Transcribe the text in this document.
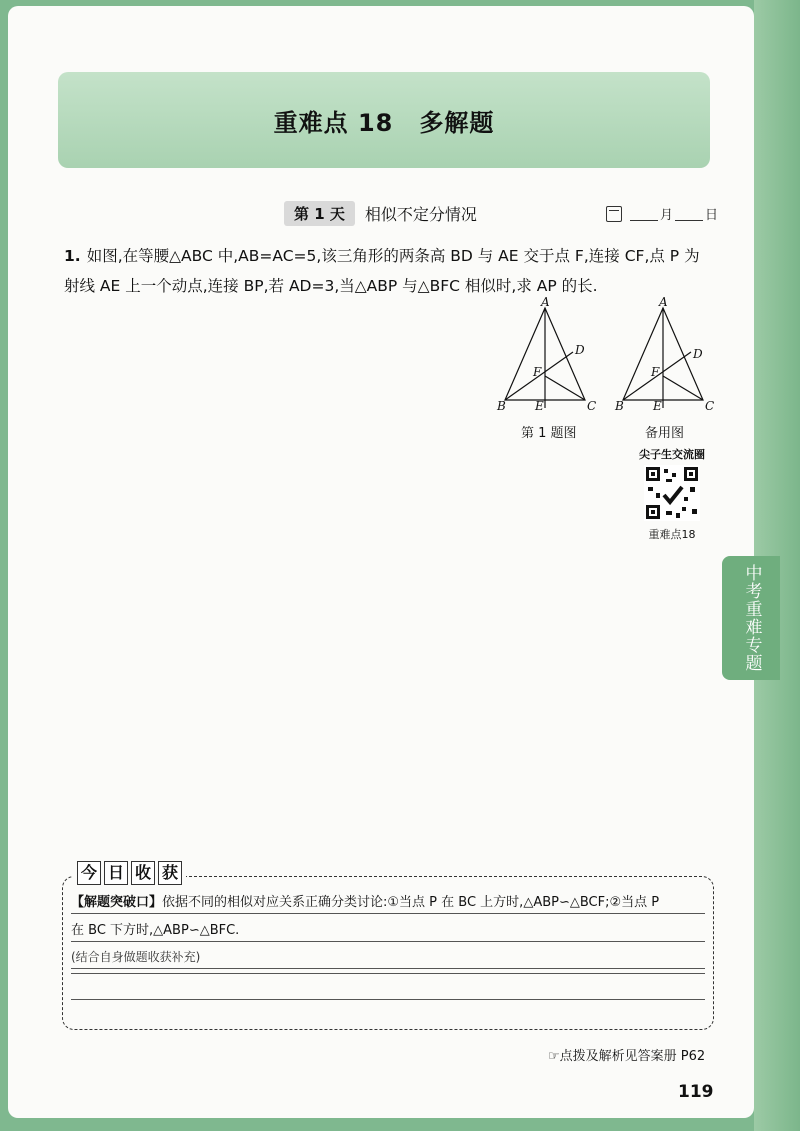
中考重难专题
重难点 18 多解题
第 1 天	相似不定分情况	月 日
1. 如图,在等腰△ABC 中,AB=AC=5,该三角形的两条高 BD 与 AE 交于点 F,连接 CF,点 P 为射线 AE 上一个动点,连接 BP,若 AD=3,当△ABP 与△BFC 相似时,求 AP 的长.
A
B	C
D
E
F
A
B	C
D
E
F
第 1 题图	备用图
尖子生交流圈
重难点18
今 日 收 获
【解题突破口】依据不同的相似对应关系正确分类讨论:①当点 P 在 BC 上方时,△ABP∽△BCF;②当点 P
在 BC 下方时,△ABP∽△BFC.
(结合自身做题收获补充)
☞点拨及解析见答案册 P62
119
